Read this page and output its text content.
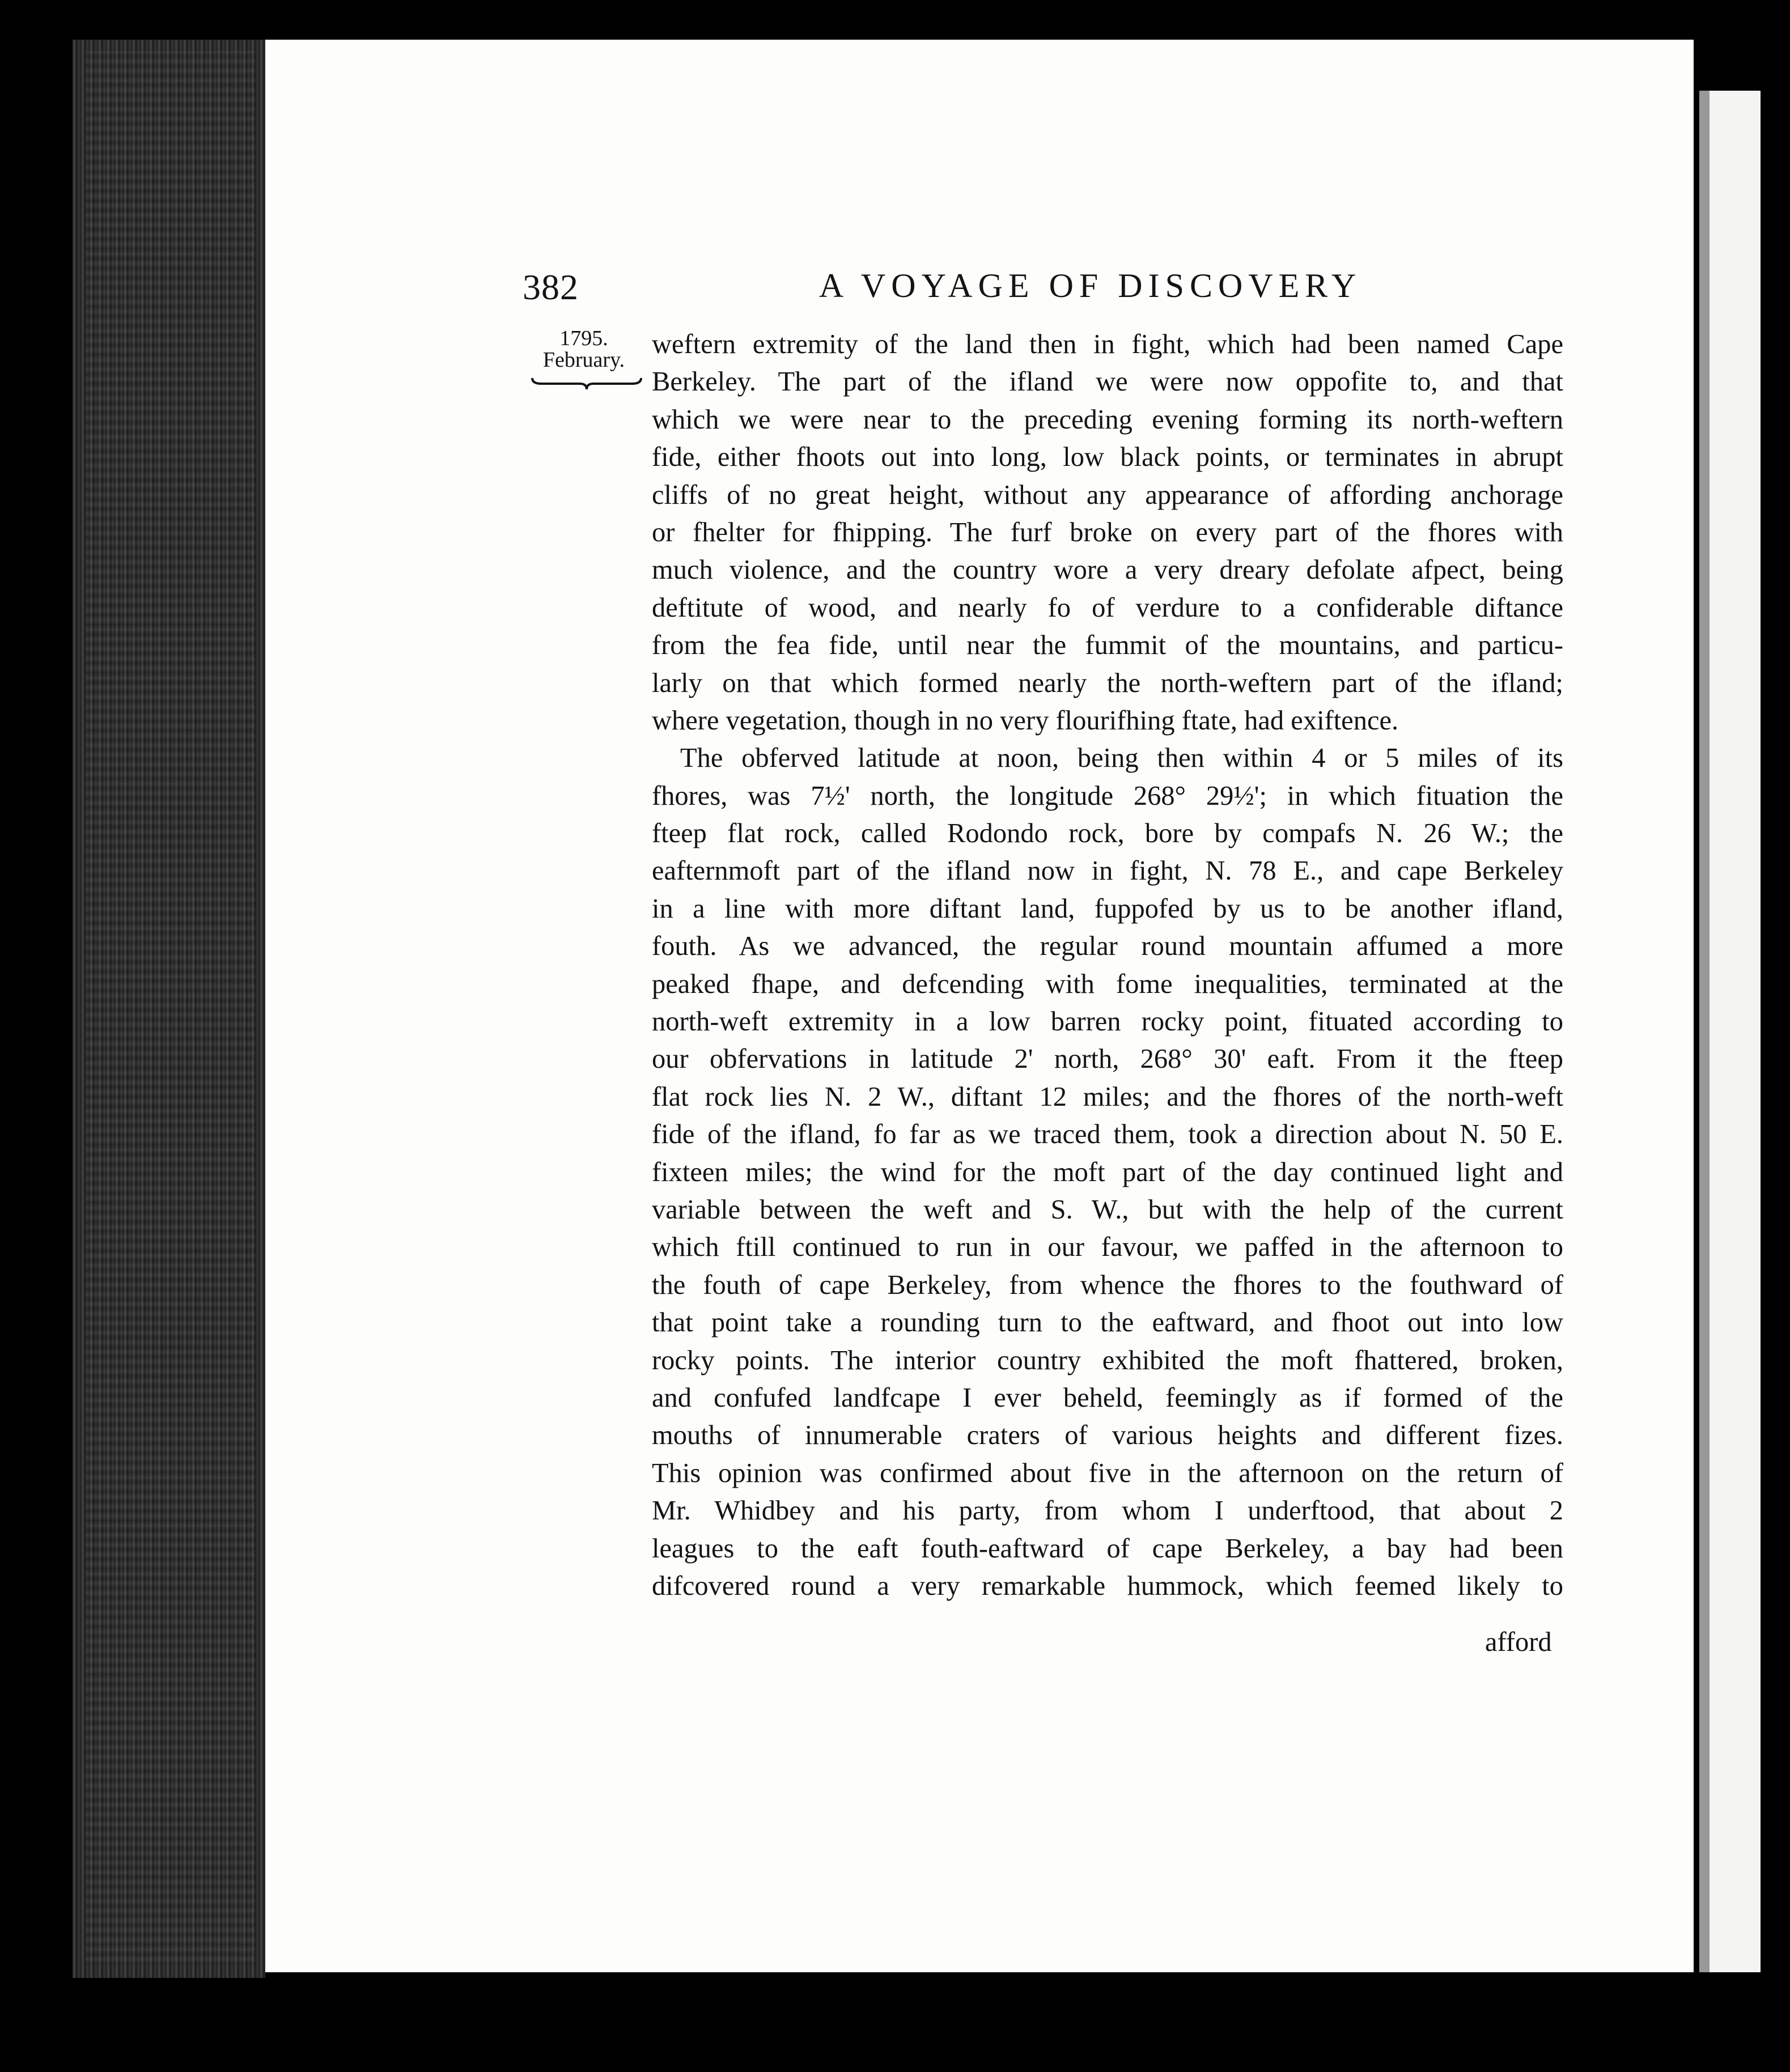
382	A VOYAGE OF DISCOVERY
1795.
February.
weftern extremity of the land then in fight, which had been named Cape
Berkeley. The part of the ifland we were now oppofite to, and that
which we were near to the preceding evening forming its north-weftern
fide, either fhoots out into long, low black points, or terminates in abrupt
cliffs of no great height, without any appearance of affording anchorage
or fhelter for fhipping. The furf broke on every part of the fhores with
much violence, and the country wore a very dreary defolate afpect, being
deftitute of wood, and nearly fo of verdure to a confiderable diftance
from the fea fide, until near the fummit of the mountains, and particu-
larly on that which formed nearly the north-weftern part of the ifland;
where vegetation, though in no very flourifhing ftate, had exiftence.
The obferved latitude at noon, being then within 4 or 5 miles of its
fhores, was 7½' north, the longitude 268° 29½'; in which fituation the
fteep flat rock, called Rodondo rock, bore by compafs N. 26 W.; the
eafternmoft part of the ifland now in fight, N. 78 E., and cape Berkeley
in a line with more diftant land, fuppofed by us to be another ifland,
fouth. As we advanced, the regular round mountain affumed a more
peaked fhape, and defcending with fome inequalities, terminated at the
north-weft extremity in a low barren rocky point, fituated according to
our obfervations in latitude 2' north, 268° 30' eaft. From it the fteep
flat rock lies N. 2 W., diftant 12 miles; and the fhores of the north-weft
fide of the ifland, fo far as we traced them, took a direction about N. 50 E.
fixteen miles; the wind for the moft part of the day continued light and
variable between the weft and S. W., but with the help of the current
which ftill continued to run in our favour, we paffed in the afternoon to
the fouth of cape Berkeley, from whence the fhores to the fouthward of
that point take a rounding turn to the eaftward, and fhoot out into low
rocky points. The interior country exhibited the moft fhattered, broken,
and confufed landfcape I ever beheld, feemingly as if formed of the
mouths of innumerable craters of various heights and different fizes.
This opinion was confirmed about five in the afternoon on the return of
Mr. Whidbey and his party, from whom I underftood, that about 2
leagues to the eaft fouth-eaftward of cape Berkeley, a bay had been
difcovered round a very remarkable hummock, which feemed likely to
afford
